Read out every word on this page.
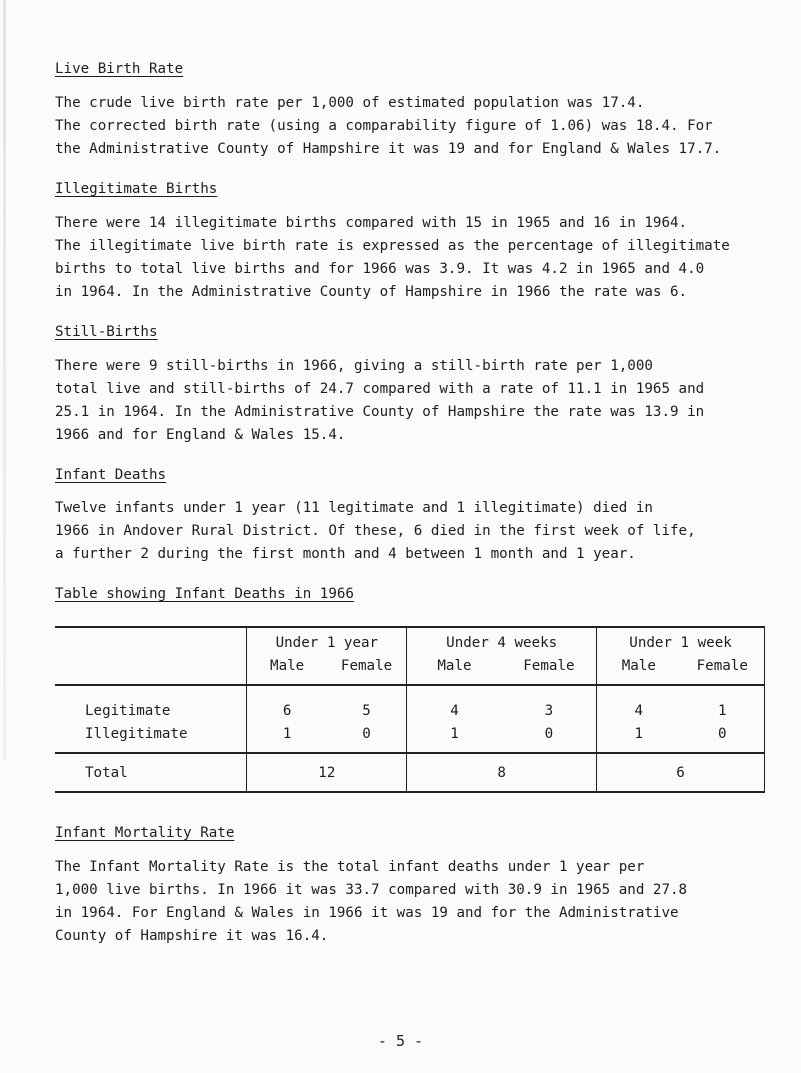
Live Birth Rate
The crude live birth rate per 1,000 of estimated population was 17.4.
The corrected birth rate (using a comparability figure of 1.06) was 18.4. For
the Administrative County of Hampshire it was 19 and for England & Wales 17.7.
Illegitimate Births
There were 14 illegitimate births compared with 15 in 1965 and 16 in 1964.
The illegitimate live birth rate is expressed as the percentage of illegitimate
births to total live births and for 1966 was 3.9. It was 4.2 in 1965 and 4.0
in 1964. In the Administrative County of Hampshire in 1966 the rate was 6.
Still-Births
There were 9 still-births in 1966, giving a still-birth rate per 1,000
total live and still-births of 24.7 compared with a rate of 11.1 in 1965 and
25.1 in 1964. In the Administrative County of Hampshire the rate was 13.9 in
1966 and for England & Wales 15.4.
Infant Deaths
Twelve infants under 1 year (11 legitimate and 1 illegitimate) died in
1966 in Andover Rural District. Of these, 6 died in the first week of life,
a further 2 during the first month and 4 between 1 month and 1 year.
Table showing Infant Deaths in 1966
	Under 1 year		Under 4 weeks		Under 1 week	
	Male	Female	Male	Female	Male	Female
Legitimate	6	5	4	3	4	1
Illegitimate	1	0	1	0	1	0
Total	12		8		6	
Infant Mortality Rate
The Infant Mortality Rate is the total infant deaths under 1 year per
1,000 live births. In 1966 it was 33.7 compared with 30.9 in 1965 and 27.8
in 1964. For England & Wales in 1966 it was 19 and for the Administrative
County of Hampshire it was 16.4.
- 5 -
